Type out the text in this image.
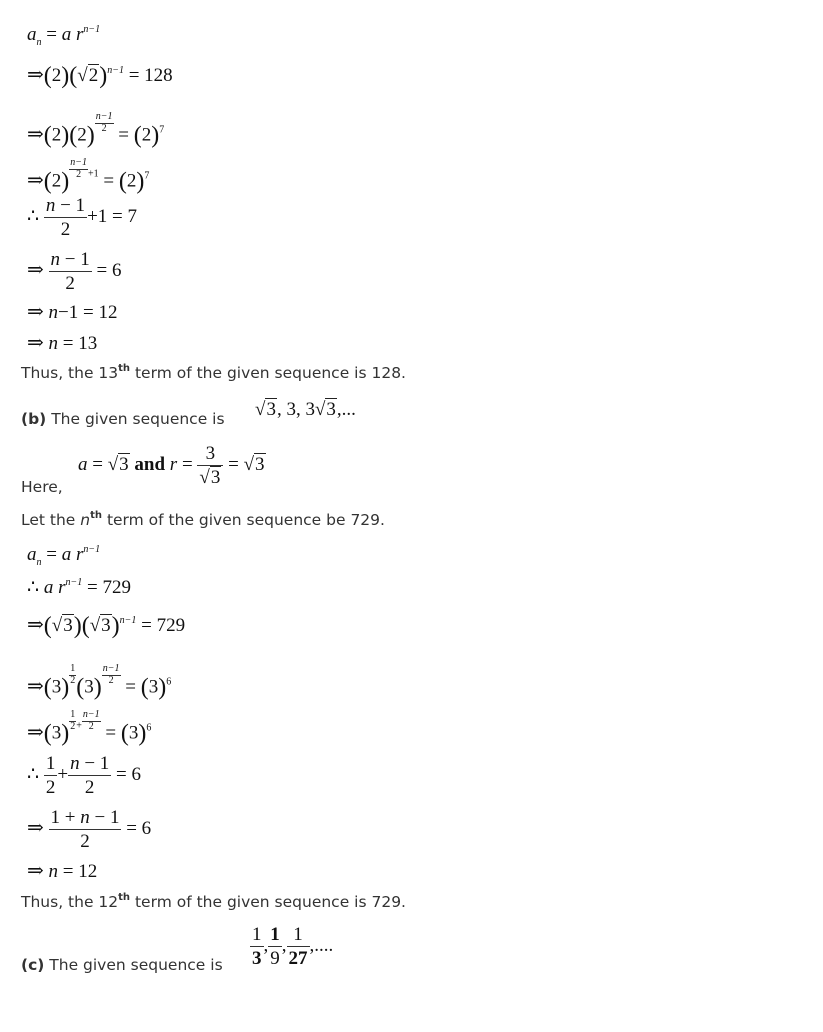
$a_n = a$ $r^{n-1}$
$\Rightarrow(2)(√2)^{n-1} = 128$
⇒(2)(2) $\frac{n-1}{2}$
= $(2)^7$
⇒(2) $\frac{n-1}{2} ^{+1} = (2)^7$
∴ $\frac{n - 1}{2} +1 = 7$
⇒ $\frac{n - 1}{2} = 6$
⇒ n−1 = 12
⇒ n = 13
Thus, the 13th term of the given sequence is 128.
(b) The given sequence is √3, 3, 3√3,...
a = √3 and $r = \frac{3}{√3} = √3$
Here,
Let the $n^{th}$ term of the given sequence be 729.
$a_n = a$ $r^{n-1}$
∴ a $r^{n-1} = 729$
$\Rightarrow(√3)(√3)^{n-1} = 729$
⇒(3) $\frac{1}{2} (3) \frac{n-1}{2}$
= $(3)^6$
⇒(3) $\frac{1}{2} ^+ \frac{n-1}{2}$
= $(3)^6$
∴ $\frac{1}{2} + \frac{n - 1}{2} = 6$
⇒ $\frac{1 + n - 1}{2} = 6$
⇒ n = 12
Thus, the 12th term of the given sequence is 729.
(c) The given sequence is $\frac{1}{3}$ , $\frac{1}{9}$ , $\frac{1}{27}$ ,....
